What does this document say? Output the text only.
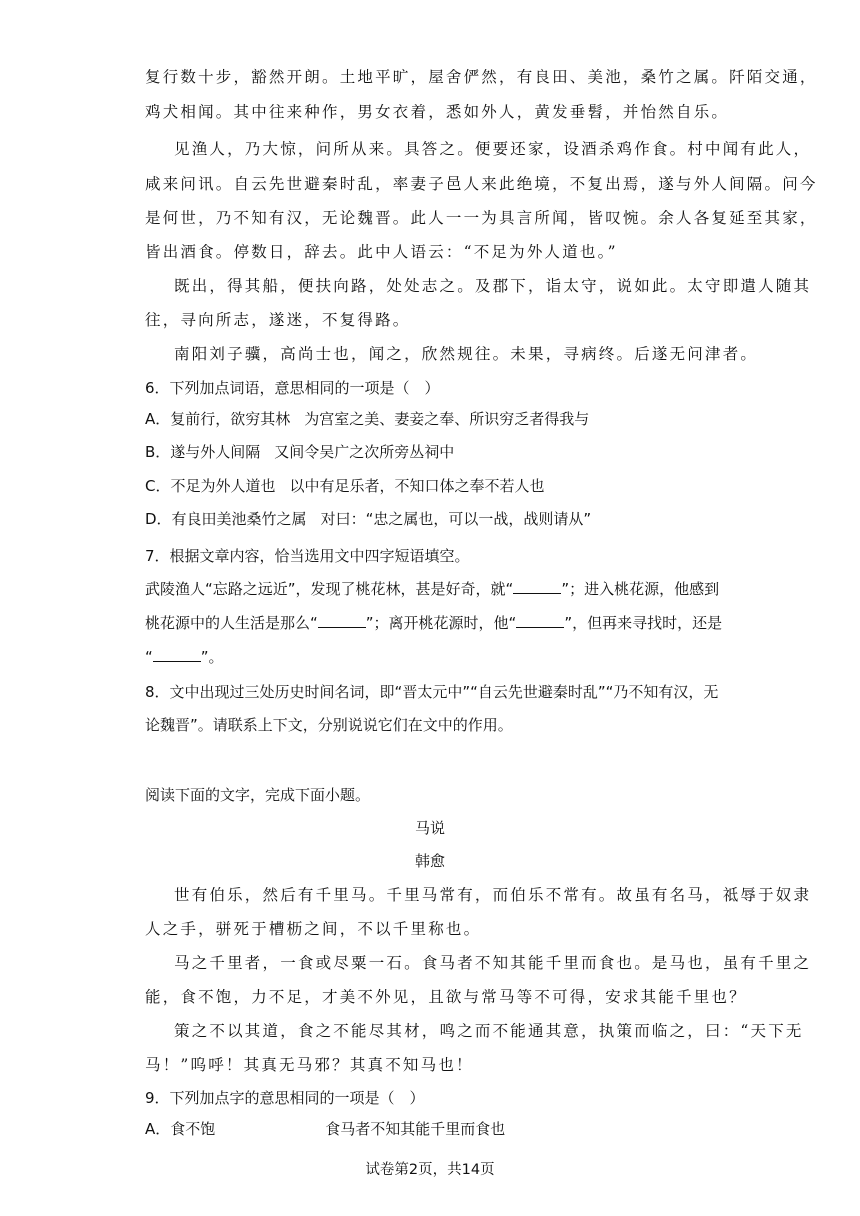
复行数十步，豁然开朗。土地平旷，屋舍俨然，有良田、美池，桑竹之属。阡陌交通，
鸡犬相闻。其中往来种作，男女衣着，悉如外人，黄发垂髫，并怡然自乐。
见渔人，乃大惊，问所从来。具答之。便要还家，设酒杀鸡作食。村中闻有此人，
咸来问讯。自云先世避秦时乱，率妻子邑人来此绝境，不复出焉，遂与外人间隔。问今
是何世，乃不知有汉，无论魏晋。此人一一为具言所闻，皆叹惋。余人各复延至其家，
皆出酒食。停数日，辞去。此中人语云：“不足为外人道也。”
既出，得其船，便扶向路，处处志之。及郡下，诣太守，说如此。太守即遣人随其
往，寻向所志，遂迷，不复得路。
南阳刘子骥，高尚士也，闻之，欣然规往。未果，寻病终。后遂无问津者。
6．下列加点词语，意思相同的一项是（　）
A．复前行，欲穷其林 为宫室之美、妻妾之奉、所识穷乏者得我与
B．遂与外人间隔 又间令吴广之次所旁丛祠中
C．不足为外人道也 以中有足乐者，不知口体之奉不若人也
D．有良田美池桑竹之属 对曰：“忠之属也，可以一战，战则请从”
7．根据文章内容，恰当选用文中四字短语填空。
武陵渔人“忘路之远近”，发现了桃花林，甚是好奇，就“	”；进入桃花源，他感到
桃花源中的人生活是那么“	”；离开桃花源时，他“	”，但再来寻找时，还是
“	”。
8．文中出现过三处历史时间名词，即“晋太元中”“自云先世避秦时乱”“乃不知有汉，无
论魏晋”。请联系上下文，分别说说它们在文中的作用。
阅读下面的文字，完成下面小题。
马说
韩愈
世有伯乐，然后有千里马。千里马常有，而伯乐不常有。故虽有名马，祗辱于奴隶
人之手，骈死于槽枥之间，不以千里称也。
马之千里者，一食或尽粟一石。食马者不知其能千里而食也。是马也，虽有千里之
能，食不饱，力不足，才美不外见，且欲与常马等不可得，安求其能千里也？
策之不以其道，食之不能尽其材，鸣之而不能通其意，执策而临之，曰：“天下无
马！”呜呼！其真无马邪？其真不知马也！
9．下列加点字的意思相同的一项是（　）
A．食不饱	食马者不知其能千里而食也
试卷第2页，共14页
